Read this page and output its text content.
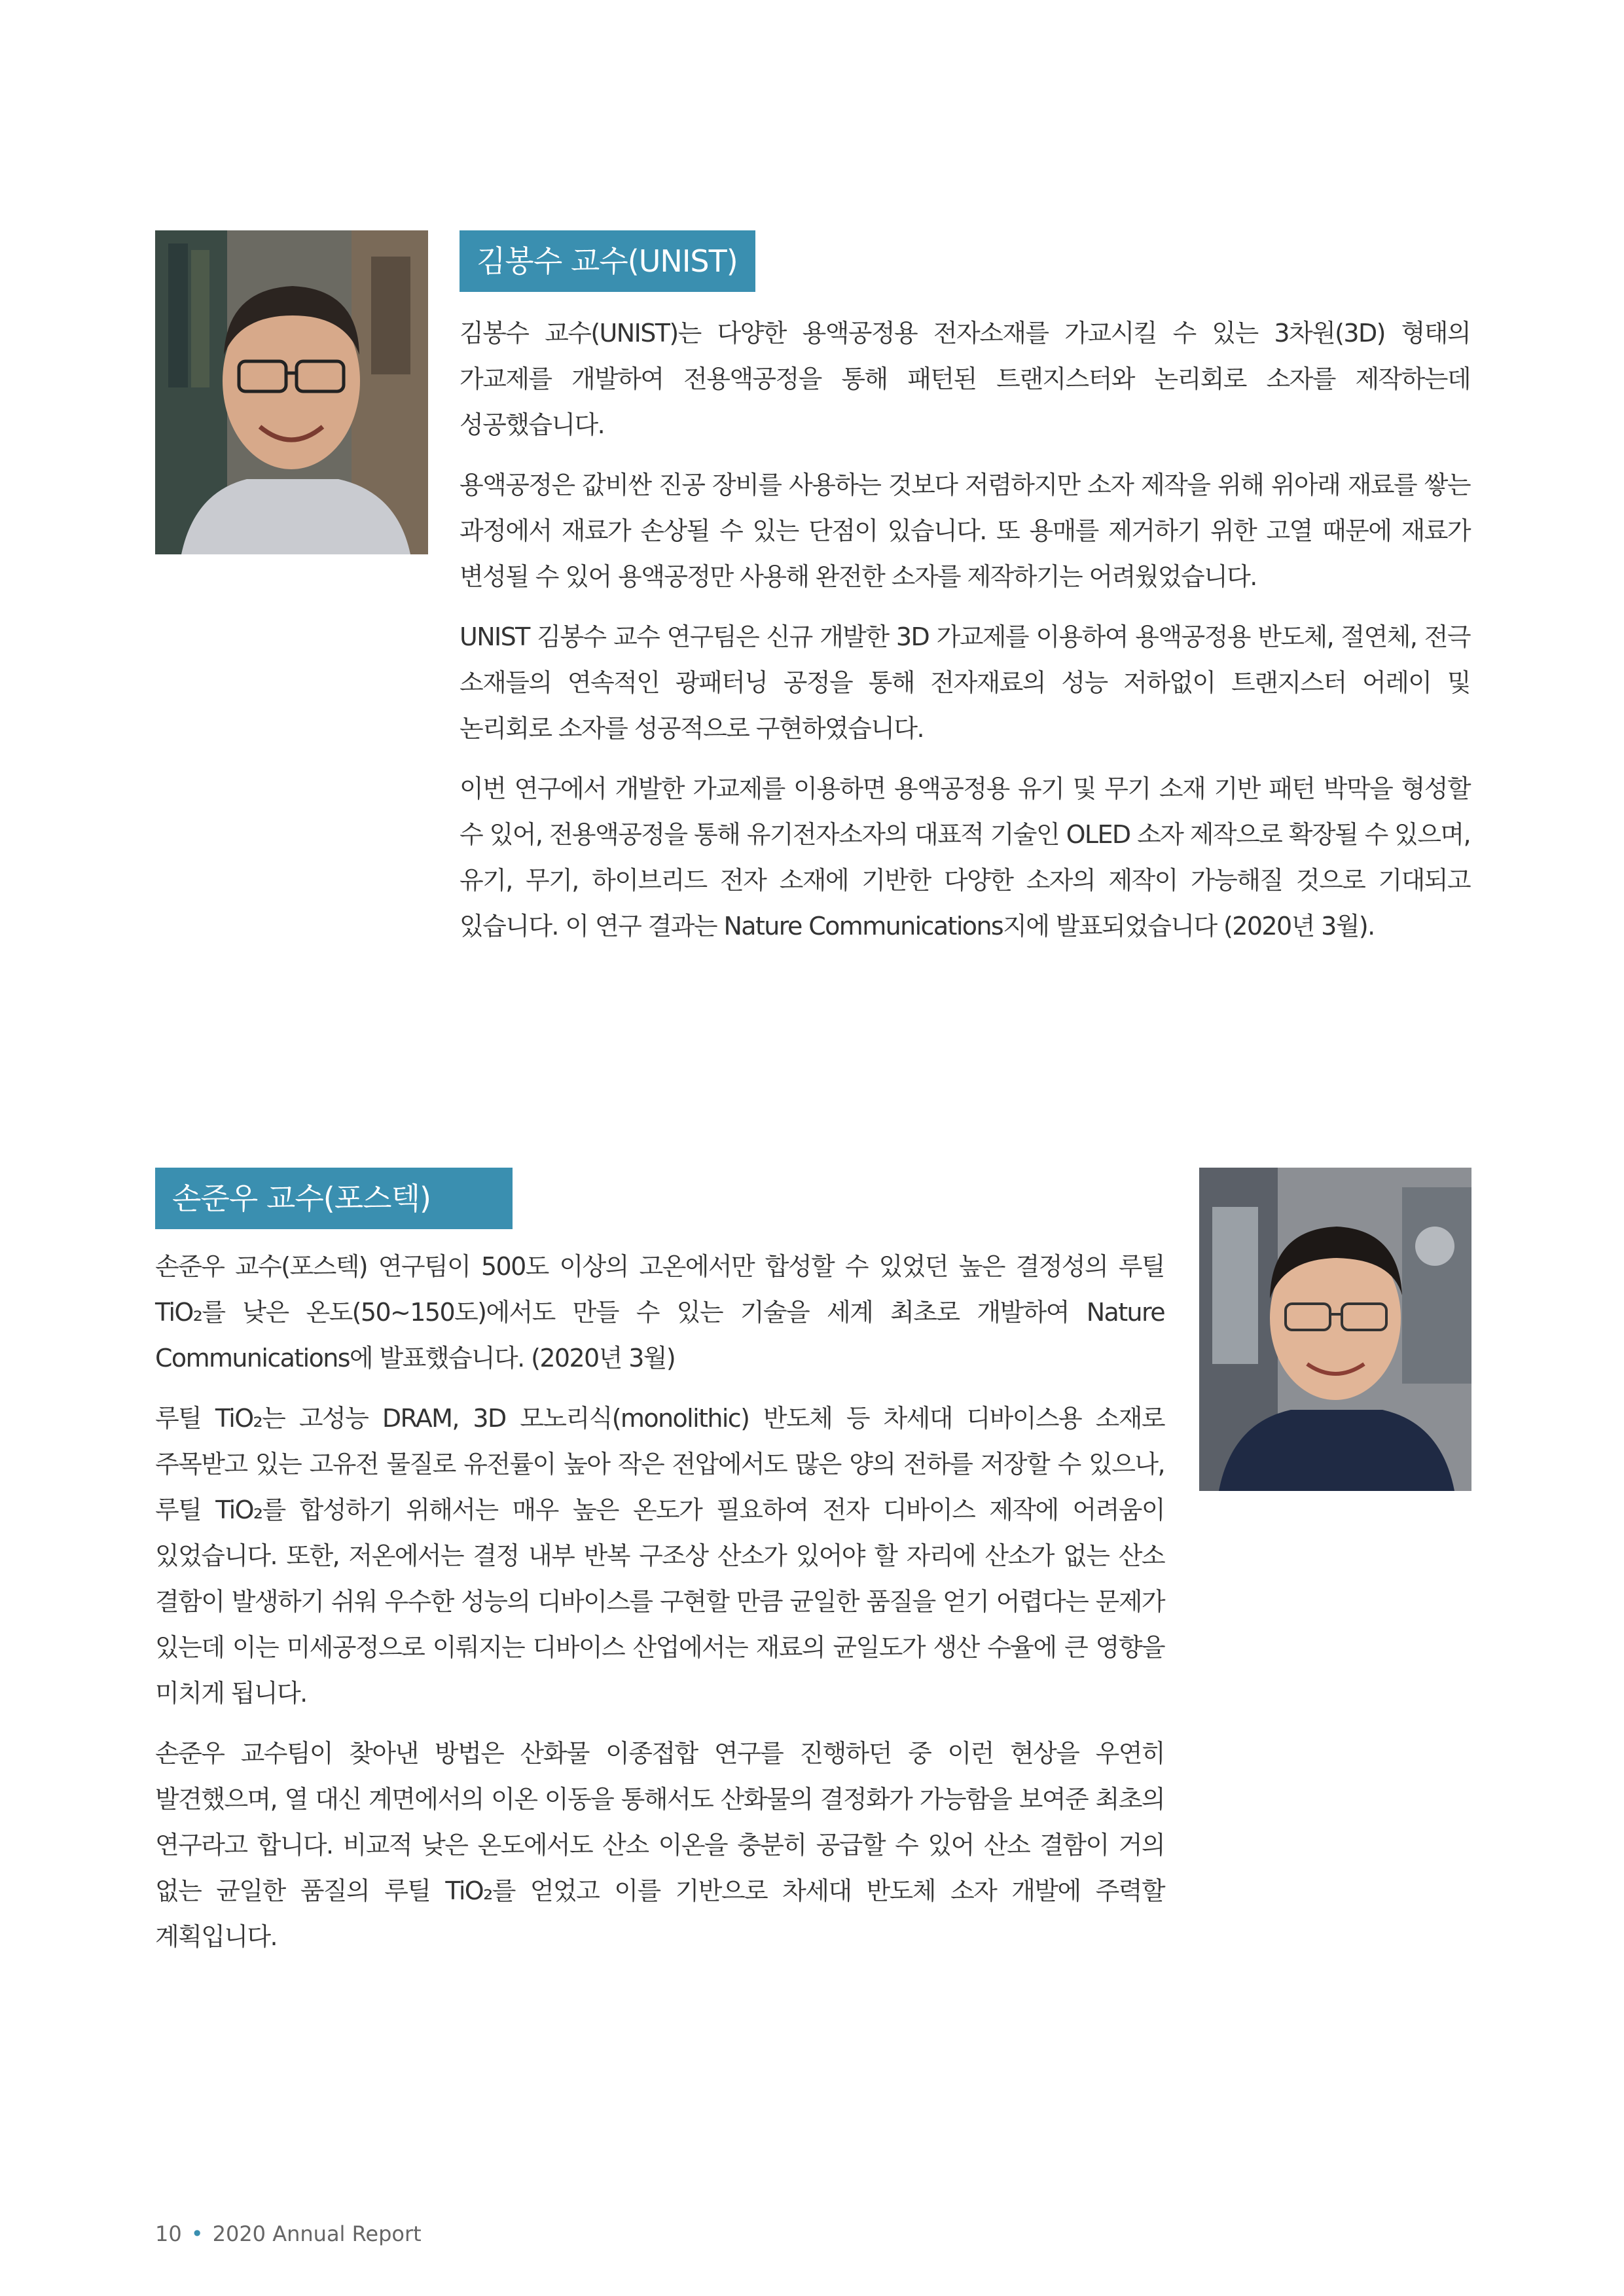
김봉수 교수(UNIST)

김봉수 교수(UNIST)는 다양한 용액공정용 전자소재를 가교시킬 수 있는 3차원(3D) 형태의 가교제를 개발하여 전용액공정을 통해 패턴된 트랜지스터와 논리회로 소자를 제작하는데 성공했습니다.

용액공정은 값비싼 진공 장비를 사용하는 것보다 저렴하지만 소자 제작을 위해 위아래 재료를 쌓는 과정에서 재료가 손상될 수 있는 단점이 있습니다. 또 용매를 제거하기 위한 고열 때문에 재료가 변성될 수 있어 용액공정만 사용해 완전한 소자를 제작하기는 어려웠었습니다.

UNIST 김봉수 교수 연구팀은 신규 개발한 3D 가교제를 이용하여 용액공정용 반도체, 절연체, 전극 소재들의 연속적인 광패터닝 공정을 통해 전자재료의 성능 저하없이 트랜지스터 어레이 및 논리회로 소자를 성공적으로 구현하였습니다.

이번 연구에서 개발한 가교제를 이용하면 용액공정용 유기 및 무기 소재 기반 패턴 박막을 형성할 수 있어, 전용액공정을 통해 유기전자소자의 대표적 기술인 OLED 소자 제작으로 확장될 수 있으며, 유기, 무기, 하이브리드 전자 소재에 기반한 다양한 소자의 제작이 가능해질 것으로 기대되고 있습니다. 이 연구 결과는 Nature Communications지에 발표되었습니다 (2020년 3월).

손준우 교수(포스텍)

손준우 교수(포스텍) 연구팀이 500도 이상의 고온에서만 합성할 수 있었던 높은 결정성의 루틸 TiO₂를 낮은 온도(50~150도)에서도 만들 수 있는 기술을 세계 최초로 개발하여 Nature Communications에 발표했습니다. (2020년 3월)

루틸 TiO₂는 고성능 DRAM, 3D 모노리식(monolithic) 반도체 등 차세대 디바이스용 소재로 주목받고 있는 고유전 물질로 유전률이 높아 작은 전압에서도 많은 양의 전하를 저장할 수 있으나, 루틸 TiO₂를 합성하기 위해서는 매우 높은 온도가 필요하여 전자 디바이스 제작에 어려움이 있었습니다. 또한, 저온에서는 결정 내부 반복 구조상 산소가 있어야 할 자리에 산소가 없는 산소 결함이 발생하기 쉬워 우수한 성능의 디바이스를 구현할 만큼 균일한 품질을 얻기 어렵다는 문제가 있는데 이는 미세공정으로 이뤄지는 디바이스 산업에서는 재료의 균일도가 생산 수율에 큰 영향을 미치게 됩니다.

손준우 교수팀이 찾아낸 방법은 산화물 이종접합 연구를 진행하던 중 이런 현상을 우연히 발견했으며, 열 대신 계면에서의 이온 이동을 통해서도 산화물의 결정화가 가능함을 보여준 최초의 연구라고 합니다. 비교적 낮은 온도에서도 산소 이온을 충분히 공급할 수 있어 산소 결함이 거의 없는 균일한 품질의 루틸 TiO₂를 얻었고 이를 기반으로 차세대 반도체 소자 개발에 주력할 계획입니다.

10 • 2020 Annual Report
